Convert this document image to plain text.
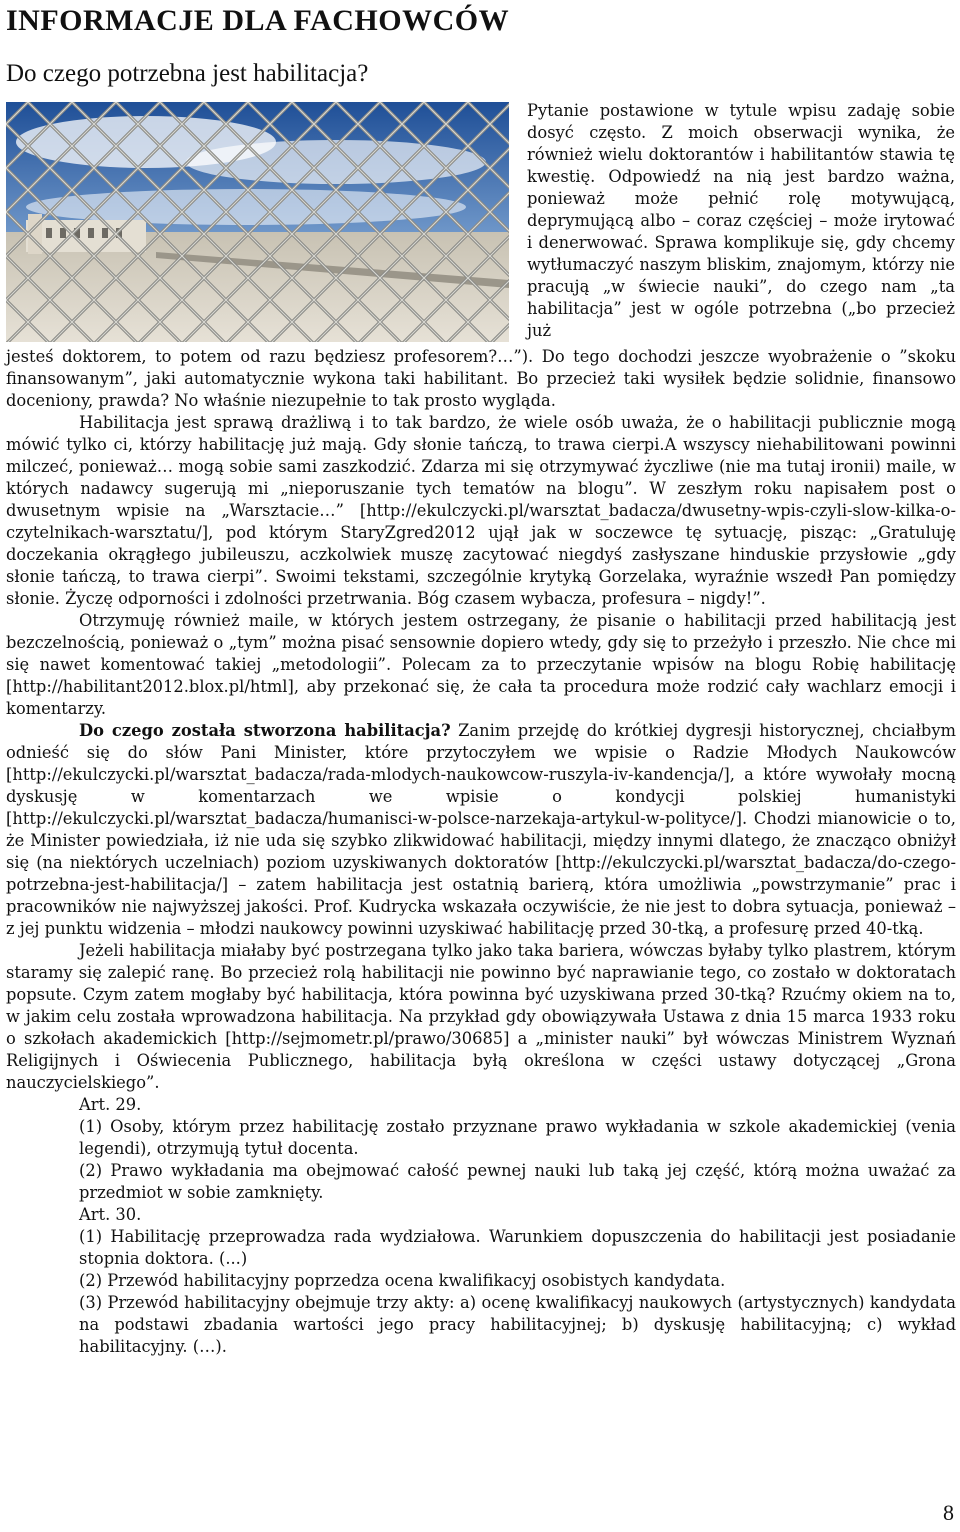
INFORMACJE DLA FACHOWCÓW
Do czego potrzebna jest habilitacja?

Pytanie postawione w tytule wpisu zadaję sobie dosyć często. Z moich obserwacji wynika, że również wielu doktorantów i habilitantów stawia tę kwestię. Odpowiedź na nią jest bardzo ważna, ponieważ może pełnić rolę motywującą, deprymującą albo – coraz częściej – może irytować i denerwować. Sprawa komplikuje się, gdy chcemy wytłumaczyć naszym bliskim, znajomym, którzy nie pracują „w świecie nauki”, do czego nam „ta habilitacja” jest w ogóle potrzebna („bo przecież już

jesteś doktorem, to potem od razu będziesz profesorem?…”). Do tego dochodzi jeszcze wyobrażenie o ”skoku finansowanym”, jaki automatycznie wykona taki habilitant. Bo przecież taki wysiłek będzie solidnie, finansowo doceniony, prawda? No właśnie niezupełnie to tak prosto wygląda.

Habilitacja jest sprawą drażliwą i to tak bardzo, że wiele osób uważa, że o habilitacji publicznie mogą mówić tylko ci, którzy habilitację już mają. Gdy słonie tańczą, to trawa cierpi.A wszyscy niehabilitowani powinni milczeć, ponieważ… mogą sobie sami zaszkodzić. Zdarza mi się otrzymywać życzliwe (nie ma tutaj ironii) maile, w których nadawcy sugerują mi „nieporuszanie tych tematów na blogu”. W zeszłym roku napisałem post o dwusetnym wpisie na „Warsztacie…” [http://ekulczycki.pl/warsztat_badacza/dwusetny-wpis-czyli-slow-kilka-o-czytelnikach-warsztatu/], pod którym StaryZgred2012 ujął jak w soczewce tę sytuację, pisząc: „Gratuluję doczekania okrągłego jubileuszu, aczkolwiek muszę zacytować niegdyś zasłyszane hinduskie przysłowie „gdy słonie tańczą, to trawa cierpi”. Swoimi tekstami, szczególnie krytyką Gorzelaka, wyraźnie wszedł Pan pomiędzy słonie. Życzę odporności i zdolności przetrwania. Bóg czasem wybacza, profesura – nigdy!”.

Otrzymuję również maile, w których jestem ostrzegany, że pisanie o habilitacji przed habilitacją jest bezczelnością, ponieważ o „tym” można pisać sensownie dopiero wtedy, gdy się to przeżyło i przeszło. Nie chce mi się nawet komentować takiej „metodologii”. Polecam za to przeczytanie wpisów na blogu Robię habilitację [http://habilitant2012.blox.pl/html], aby przekonać się, że cała ta procedura może rodzić cały wachlarz emocji i komentarzy.

Do czego została stworzona habilitacja? Zanim przejdę do krótkiej dygresji historycznej, chciałbym odnieść się do słów Pani Minister, które przytoczyłem we wpisie o Radzie Młodych Naukowców [http://ekulczycki.pl/warsztat_badacza/rada-mlodych-naukowcow-ruszyla-iv-kandencja/], a które wywołały mocną dyskusję w komentarzach we wpisie o kondycji polskiej humanistyki [http://ekulczycki.pl/warsztat_badacza/humanisci-w-polsce-narzekaja-artykul-w-polityce/]. Chodzi mianowicie o to, że Minister powiedziała, iż nie uda się szybko zlikwidować habilitacji, między innymi dlatego, że znacząco obniżył się (na niektórych uczelniach) poziom uzyskiwanych doktoratów [http://ekulczycki.pl/warsztat_badacza/do-czego-potrzebna-jest-habilitacja/] – zatem habilitacja jest ostatnią barierą, która umożliwia „powstrzymanie” prac i pracowników nie najwyższej jakości. Prof. Kudrycka wskazała oczywiście, że nie jest to dobra sytuacja, ponieważ – z jej punktu widzenia – młodzi naukowcy powinni uzyskiwać habilitację przed 30-tką, a profesurę przed 40-tką.

Jeżeli habilitacja miałaby być postrzegana tylko jako taka bariera, wówczas byłaby tylko plastrem, którym staramy się zalepić ranę. Bo przecież rolą habilitacji nie powinno być naprawianie tego, co zostało w doktoratach popsute. Czym zatem mogłaby być habilitacja, która powinna być uzyskiwana przed 30-tką? Rzućmy okiem na to, w jakim celu została wprowadzona habilitacja. Na przykład gdy obowiązywała Ustawa z dnia 15 marca 1933 roku o szkołach akademickich [http://sejmometr.pl/prawo/30685] a „minister nauki” był wówczas Ministrem Wyznań Religijnych i Oświecenia Publicznego, habilitacja byłą określona w części ustawy dotyczącej „Grona nauczycielskiego”.

Art. 29.

(1) Osoby, którym przez habilitację zostało przyznane prawo wykładania w szkole akademickiej (venia legendi), otrzymują tytuł docenta.

(2) Prawo wykładania ma obejmować całość pewnej nauki lub taką jej część, którą można uważać za przedmiot w sobie zamknięty.

Art. 30.

(1) Habilitację przeprowadza rada wydziałowa. Warunkiem dopuszczenia do habilitacji jest posiadanie stopnia doktora. (...)

(2) Przewód habilitacyjny poprzedza ocena kwalifikacyj osobistych kandydata.

(3) Przewód habilitacyjny obejmuje trzy akty: a) ocenę kwalifikacyj naukowych (artystycznych) kandydata na podstawi zbadania wartości jego pracy habilitacyjnej; b) dyskusję habilitacyjną; c) wykład habilitacyjny. (…).

8
